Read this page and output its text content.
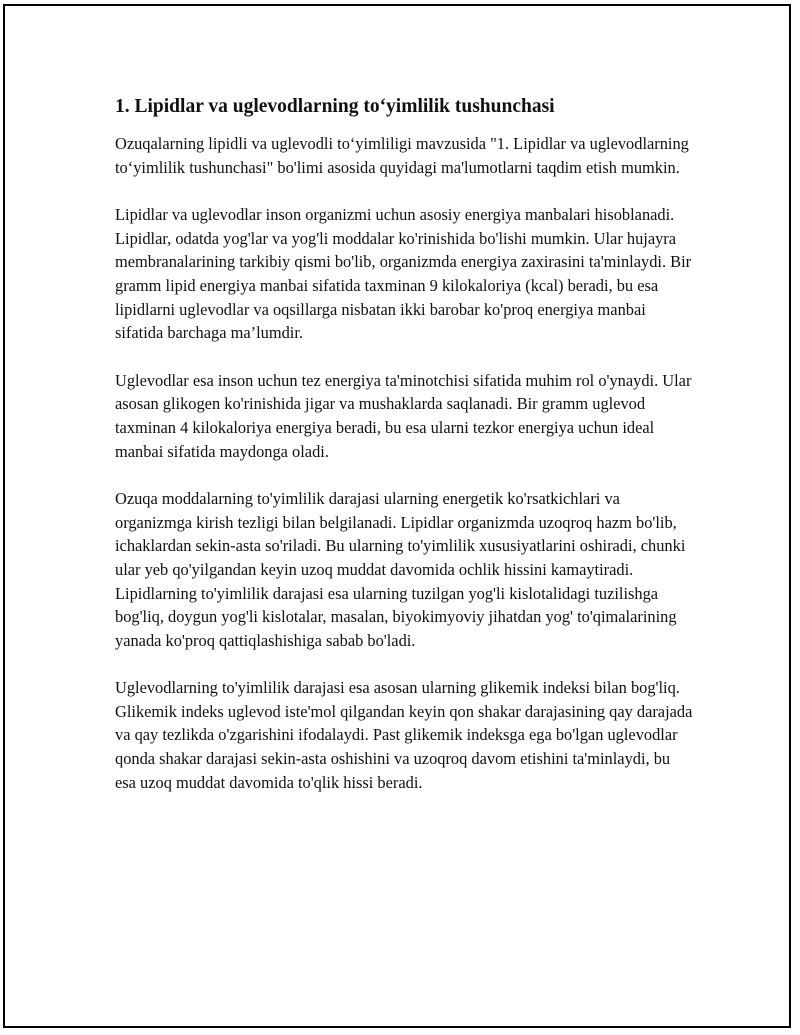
1. Lipidlar va uglevodlarning to‘yimlilik tushunchasi

Ozuqalarning lipidli va uglevodli to‘yimliligi mavzusida "1. Lipidlar va uglevodlarning to‘yimlilik tushunchasi" bo'limi asosida quyidagi ma'lumotlarni taqdim etish mumkin.

Lipidlar va uglevodlar inson organizmi uchun asosiy energiya manbalari hisoblanadi. Lipidlar, odatda yog'lar va yog'li moddalar ko'rinishida bo'lishi mumkin. Ular hujayra membranalarining tarkibiy qismi bo'lib, organizmda energiya zaxirasini ta'minlaydi. Bir gramm lipid energiya manbai sifatida taxminan 9 kilokaloriya (kcal) beradi, bu esa lipidlarni uglevodlar va oqsillarga nisbatan ikki barobar ko'proq energiya manbai sifatida barchaga ma’lumdir.

Uglevodlar esa inson uchun tez energiya ta'minotchisi sifatida muhim rol o'ynaydi. Ular asosan glikogen ko'rinishida jigar va mushaklarda saqlanadi. Bir gramm uglevod taxminan 4 kilokaloriya energiya beradi, bu esa ularni tezkor energiya uchun ideal manbai sifatida maydonga oladi.

Ozuqa moddalarning to'yimlilik darajasi ularning energetik ko'rsatkichlari va organizmga kirish tezligi bilan belgilanadi. Lipidlar organizmda uzoqroq hazm bo'lib, ichaklardan sekin-asta so'riladi. Bu ularning to'yimlilik xususiyatlarini oshiradi, chunki ular yeb qo'yilgandan keyin uzoq muddat davomida ochlik hissini kamaytiradi. Lipidlarning to'yimlilik darajasi esa ularning tuzilgan yog'li kislotalidagi tuzilishga bog'liq, doygun yog'li kislotalar, masalan, biyokimyoviy jihatdan yog' to'qimalarining yanada ko'proq qattiqlashishiga sabab bo'ladi.

Uglevodlarning to'yimlilik darajasi esa asosan ularning glikemik indeksi bilan bog'liq. Glikemik indeks uglevod iste'mol qilgandan keyin qon shakar darajasining qay darajada va qay tezlikda o'zgarishini ifodalaydi. Past glikemik indeksga ega bo'lgan uglevodlar qonda shakar darajasi sekin-asta oshishini va uzoqroq davom etishini ta'minlaydi, bu esa uzoq muddat davomida to'qlik hissi beradi.
